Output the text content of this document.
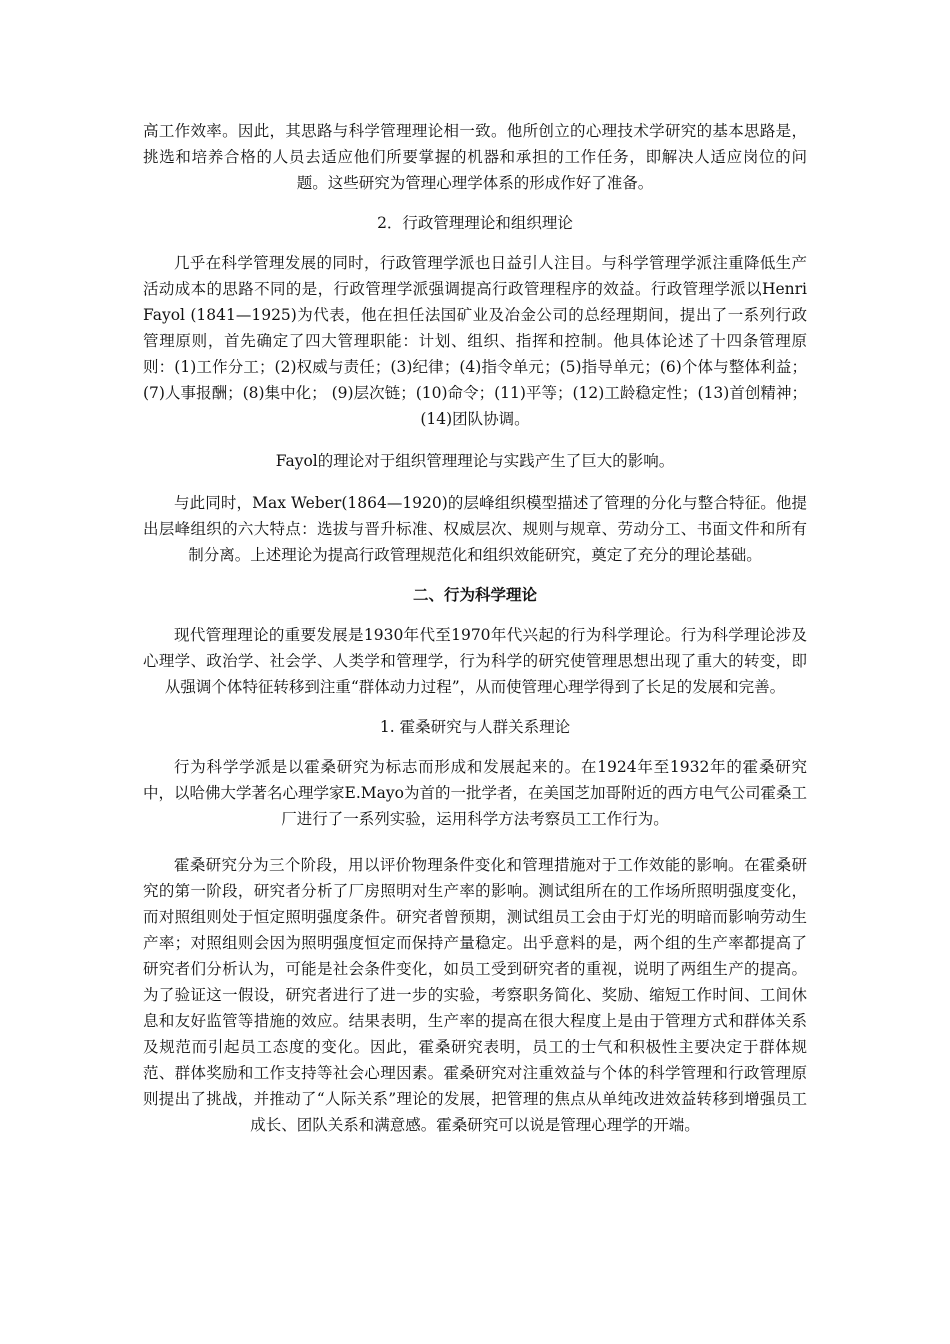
高工作效率。因此，其思路与科学管理理论相一致。他所创立的心理技术学研究的基本思路是，挑选和培养合格的人员去适应他们所要掌握的机器和承担的工作任务，即解决人适应岗位的问题。这些研究为管理心理学体系的形成作好了准备。

2．行政管理理论和组织理论

几乎在科学管理发展的同时，行政管理学派也日益引人注目。与科学管理学派注重降低生产活动成本的思路不同的是，行政管理学派强调提高行政管理程序的效益。行政管理学派以Henri Fayol (1841—1925)为代表，他在担任法国矿业及冶金公司的总经理期间，提出了一系列行政管理原则，首先确定了四大管理职能：计划、组织、指挥和控制。他具体论述了十四条管理原则：(1)工作分工；(2)权威与责任；(3)纪律；(4)指令单元；(5)指导单元；(6)个体与整体利益；(7)人事报酬；(8)集中化； (9)层次链；(10)命令；(11)平等；(12)工龄稳定性；(13)首创精神； (14)团队协调。

Fayol的理论对于组织管理理论与实践产生了巨大的影响。

与此同时，Max Weber(1864—1920)的层峰组织模型描述了管理的分化与整合特征。他提出层峰组织的六大特点：选拔与晋升标准、权威层次、规则与规章、劳动分工、书面文件和所有制分离。上述理论为提高行政管理规范化和组织效能研究，奠定了充分的理论基础。

二、行为科学理论

现代管理理论的重要发展是1930年代至1970年代兴起的行为科学理论。行为科学理论涉及心理学、政治学、社会学、人类学和管理学，行为科学的研究使管理思想出现了重大的转变，即从强调个体特征转移到注重“群体动力过程”，从而使管理心理学得到了长足的发展和完善。

1. 霍桑研究与人群关系理论

行为科学学派是以霍桑研究为标志而形成和发展起来的。在1924年至1932年的霍桑研究中，以哈佛大学著名心理学家E.Mayo为首的一批学者，在美国芝加哥附近的西方电气公司霍桑工厂进行了一系列实验，运用科学方法考察员工工作行为。

霍桑研究分为三个阶段，用以评价物理条件变化和管理措施对于工作效能的影响。在霍桑研究的第一阶段，研究者分析了厂房照明对生产率的影响。测试组所在的工作场所照明强度变化，而对照组则处于恒定照明强度条件。研究者曾预期，测试组员工会由于灯光的明暗而影响劳动生产率；对照组则会因为照明强度恒定而保持产量稳定。出乎意料的是，两个组的生产率都提高了 研究者们分析认为，可能是社会条件变化，如员工受到研究者的重视，说明了两组生产的提高。为了验证这一假设，研究者进行了进一步的实验，考察职务简化、奖励、缩短工作时间、工间休息和友好监管等措施的效应。结果表明，生产率的提高在很大程度上是由于管理方式和群体关系及规范而引起员工态度的变化。因此，霍桑研究表明，员工的士气和积极性主要决定于群体规范、群体奖励和工作支持等社会心理因素。霍桑研究对注重效益与个体的科学管理和行政管理原则提出了挑战，并推动了“人际关系”理论的发展，把管理的焦点从单纯改进效益转移到增强员工成长、团队关系和满意感。霍桑研究可以说是管理心理学的开端。
